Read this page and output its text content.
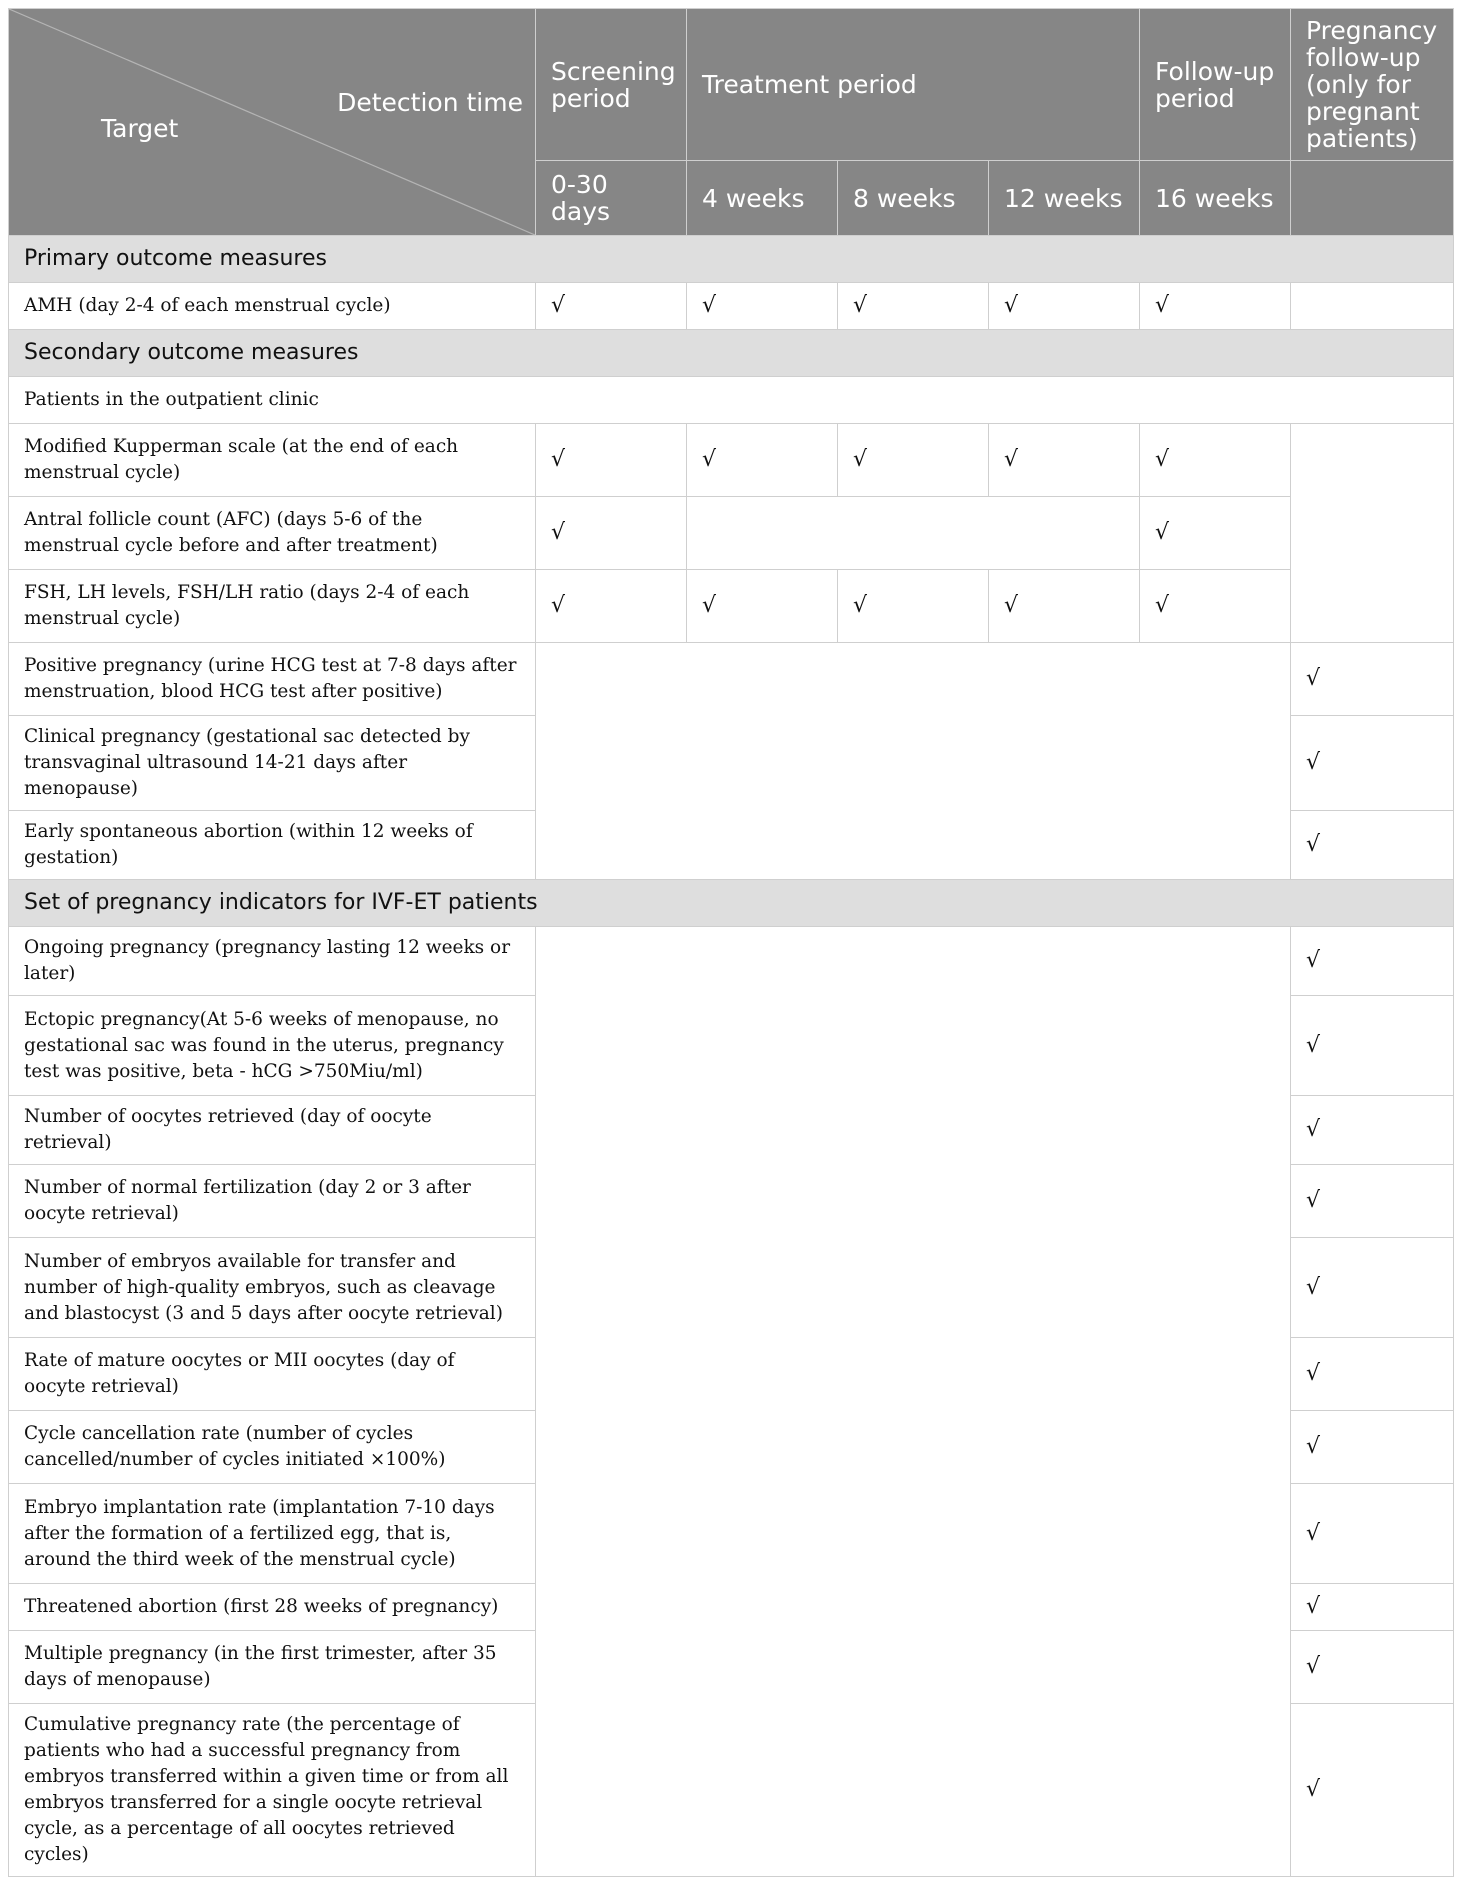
Detection time
Target	Screening period	Treatment period			Follow-up period	Pregnancy follow-up (only for pregnant patients)
	0-30 days	4 weeks	8 weeks	12 weeks	16 weeks	
Primary outcome measures						
AMH (day 2-4 of each menstrual cycle)	√	√	√	√	√	
Secondary outcome measures						
Patients in the outpatient clinic						
Modified Kupperman scale (at the end of each menstrual cycle)	√	√	√	√	√	
Antral follicle count (AFC) (days 5-6 of the menstrual cycle before and after treatment)	√				√	
FSH, LH levels, FSH/LH ratio (days 2-4 of each menstrual cycle)	√	√	√	√	√	
Positive pregnancy (urine HCG test at 7-8 days after menstruation, blood HCG test after positive)						√
Clinical pregnancy (gestational sac detected by transvaginal ultrasound 14-21 days after menopause)						√
Early spontaneous abortion (within 12 weeks of gestation)						√
Set of pregnancy indicators for IVF-ET patients						
Ongoing pregnancy (pregnancy lasting 12 weeks or later)						√
Ectopic pregnancy(At 5-6 weeks of menopause, no gestational sac was found in the uterus, pregnancy test was positive, beta - hCG >750Miu/ml)						√
Number of oocytes retrieved (day of oocyte retrieval)						√
Number of normal fertilization (day 2 or 3 after oocyte retrieval)						√
Number of embryos available for transfer and number of high-quality embryos, such as cleavage and blastocyst (3 and 5 days after oocyte retrieval)						√
Rate of mature oocytes or MII oocytes (day of oocyte retrieval)						√
Cycle cancellation rate (number of cycles cancelled/number of cycles initiated ×100%)						√
Embryo implantation rate (implantation 7-10 days after the formation of a fertilized egg, that is, around the third week of the menstrual cycle)						√
Threatened abortion (first 28 weeks of pregnancy)						√
Multiple pregnancy (in the first trimester, after 35 days of menopause)						√
Cumulative pregnancy rate (the percentage of patients who had a successful pregnancy from embryos transferred within a given time or from all embryos transferred for a single oocyte retrieval cycle, as a percentage of all oocytes retrieved cycles)						√
